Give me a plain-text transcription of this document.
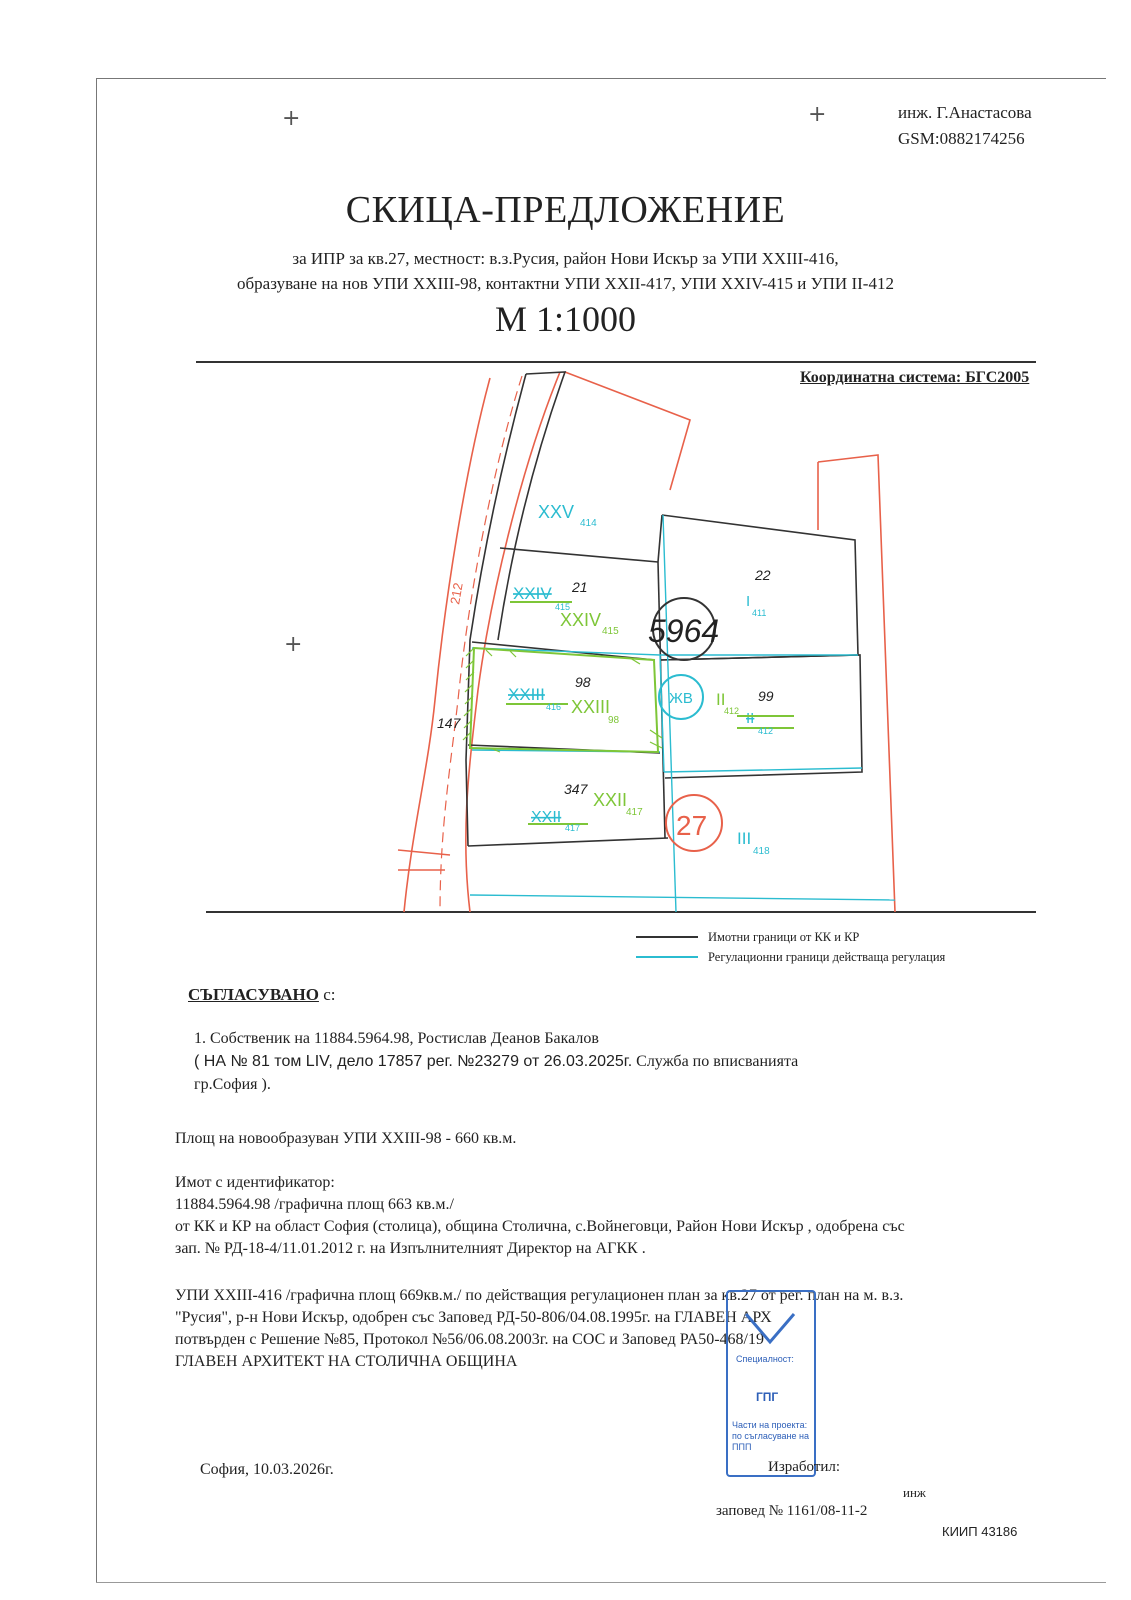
+	+
+
инж. Г.Анастасова
GSM:0882174256
СКИЦА-ПРЕДЛОЖЕНИЕ
за ИПР за кв.27, местност: в.з.Русия, район Нови Искър за УПИ XXIII-416,
образуване на нов УПИ XXIII-98, контактни УПИ XXII-417, УПИ XXIV-415 и УПИ II-412
M 1:1000
Координатна система: БГС2005
5964
ЖВ
27
212
147
XXV
414
21
XXIV
415
XXIV
415
22
I
411
98
XXIII
416 XXIII
98
99
II
412 II
412
347
XXII
417
XXII
417
III
418
Имотни граници от КК и КР
Регулационни граници действаща регулация
СЪГЛАСУВАНО с:
1. Собственик на 11884.5964.98, Ростислав Деанов Бакалов
( НА № 81 том LIV, дело 17857 рег. №23279 от 26.03.2025г. Служба по вписванията
гр.София ).
Площ на новообразуван УПИ XXIII-98 - 660 кв.м.
Имот с идентификатор:
11884.5964.98 /графична площ 663 кв.м./
от КК и КР на област София (столица), община Столична, с.Войнеговци, Район Нови Искър , одобрена със
зап. № РД-18-4/11.01.2012 г. на Изпълнителният Директор на АГКК .
УПИ XXIII-416 /графична площ 669кв.м./ по действащия регулационен план за кв.27 от рег. план на м. в.з.
"Русия", р-н Нови Искър, одобрен със Заповед РД-50-806/04.08.1995г. на ГЛАВЕН АРХ
потвърден с Решение №85, Протокол №56/06.08.2003г. на СОС и Заповед РА50-468/19
ГЛАВЕН АРХИТЕКТ НА СТОЛИЧНА ОБЩИНА	Специалност:
ГПГ
Части на проекта: по съгласуване на ППП
София, 10.03.2026г.	Изработил:
инж
заповед № 1161/08-11-2
КИИП 43186
